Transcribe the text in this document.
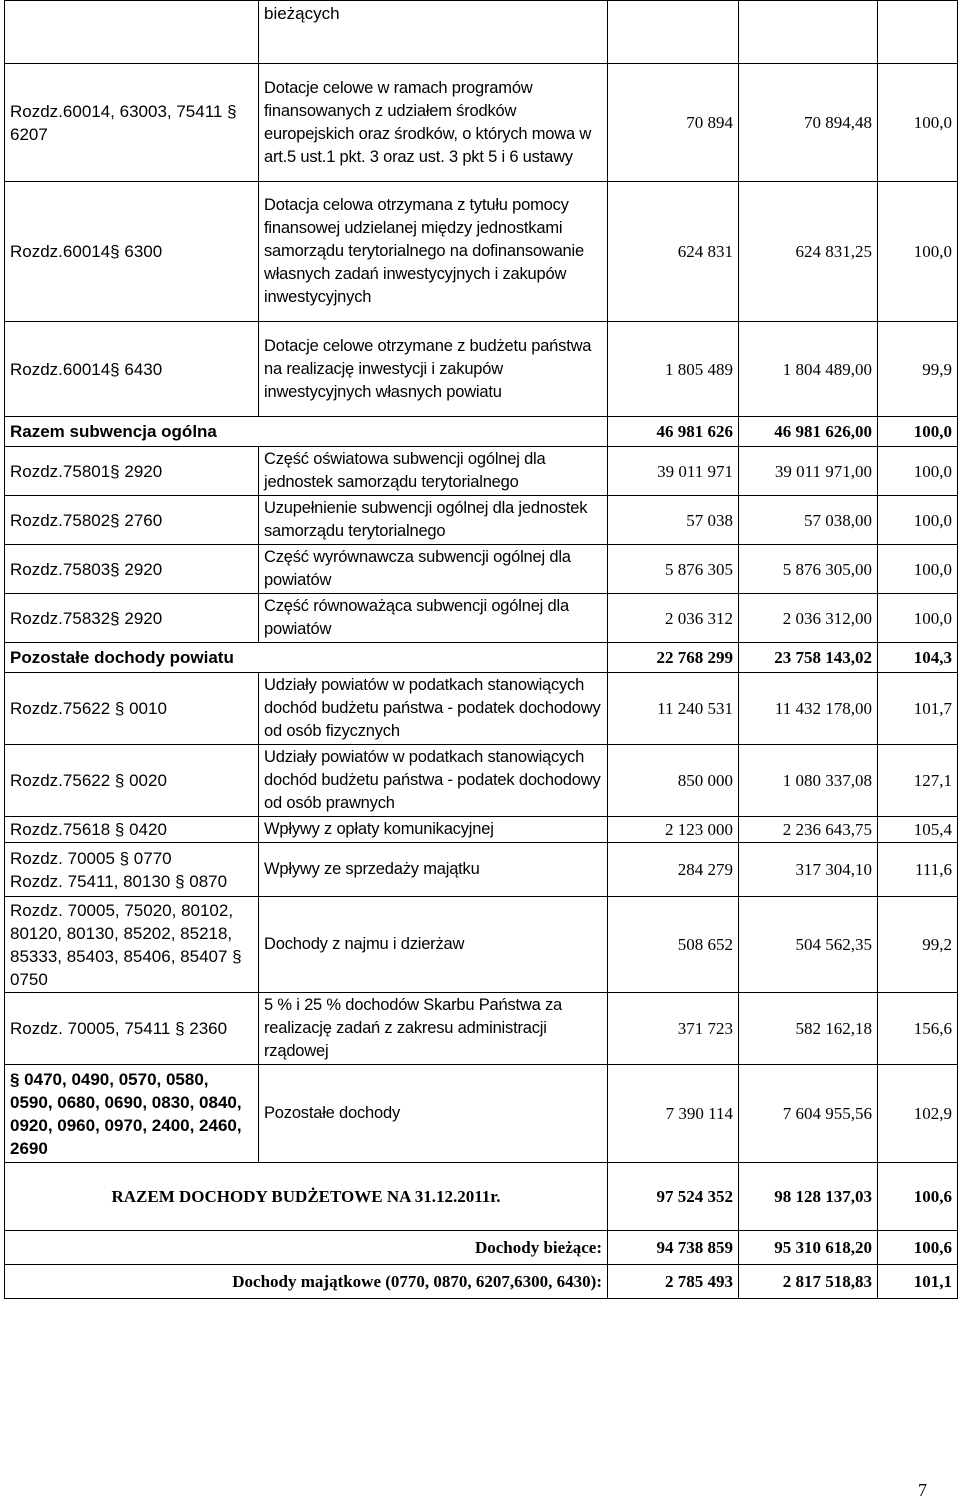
	bieżących			
Rozdz.60014, 63003, 75411 § 6207	Dotacje celowe w ramach programów finansowanych z udziałem środków europejskich oraz środków, o których mowa w art.5 ust.1 pkt. 3 oraz ust. 3 pkt 5 i 6 ustawy	70 894	70 894,48	100,0
Rozdz.60014§ 6300	Dotacja celowa otrzymana z tytułu pomocy finansowej udzielanej między jednostkami samorządu terytorialnego na dofinansowanie własnych zadań inwestycyjnych i zakupów inwestycyjnych	624 831	624 831,25	100,0
Rozdz.60014§ 6430	Dotacje celowe otrzymane z budżetu państwa na realizację inwestycji i zakupów inwestycyjnych własnych powiatu	1 805 489	1 804 489,00	99,9
Razem subwencja ogólna		46 981 626	46 981 626,00	100,0
Rozdz.75801§ 2920	Część oświatowa subwencji ogólnej dla jednostek samorządu terytorialnego	39 011 971	39 011 971,00	100,0
Rozdz.75802§ 2760	Uzupełnienie subwencji ogólnej dla jednostek samorządu terytorialnego	57 038	57 038,00	100,0
Rozdz.75803§ 2920	Część wyrównawcza subwencji ogólnej dla powiatów	5 876 305	5 876 305,00	100,0
Rozdz.75832§ 2920	Część równoważąca subwencji ogólnej dla powiatów	2 036 312	2 036 312,00	100,0
Pozostałe dochody powiatu		22 768 299	23 758 143,02	104,3
Rozdz.75622 § 0010	Udziały powiatów w podatkach stanowiących dochód budżetu państwa - podatek dochodowy od osób fizycznych	11 240 531	11 432 178,00	101,7
Rozdz.75622 § 0020	Udziały powiatów w podatkach stanowiących dochód budżetu państwa - podatek dochodowy od osób prawnych	850 000	1 080 337,08	127,1
Rozdz.75618 § 0420	Wpływy z opłaty komunikacyjnej	2 123 000	2 236 643,75	105,4

Rozdz. 70005 § 0770
Rozdz. 75411, 80130 § 0870	Wpływy ze sprzedaży majątku	284 279	317 304,10	111,6
Rozdz. 70005, 75020, 80102, 80120, 80130, 85202, 85218, 85333, 85403, 85406, 85407 § 0750	Dochody z najmu i dzierżaw	508 652	504 562,35	99,2
Rozdz. 70005, 75411 § 2360	5 % i 25 % dochodów Skarbu Państwa za realizację zadań z zakresu administracji rządowej	371 723	582 162,18	156,6
§ 0470, 0490, 0570, 0580, 0590, 0680, 0690, 0830, 0840, 0920, 0960, 0970, 2400, 2460, 2690	Pozostałe dochody	7 390 114	7 604 955,56	102,9
RAZEM DOCHODY BUDŻETOWE NA 31.12.2011r.		97 524 352	98 128 137,03	100,6
Dochody bieżące:		94 738 859	95 310 618,20	100,6
Dochody majątkowe (0770, 0870, 6207,6300, 6430):		2 785 493	2 817 518,83	101,1
7
